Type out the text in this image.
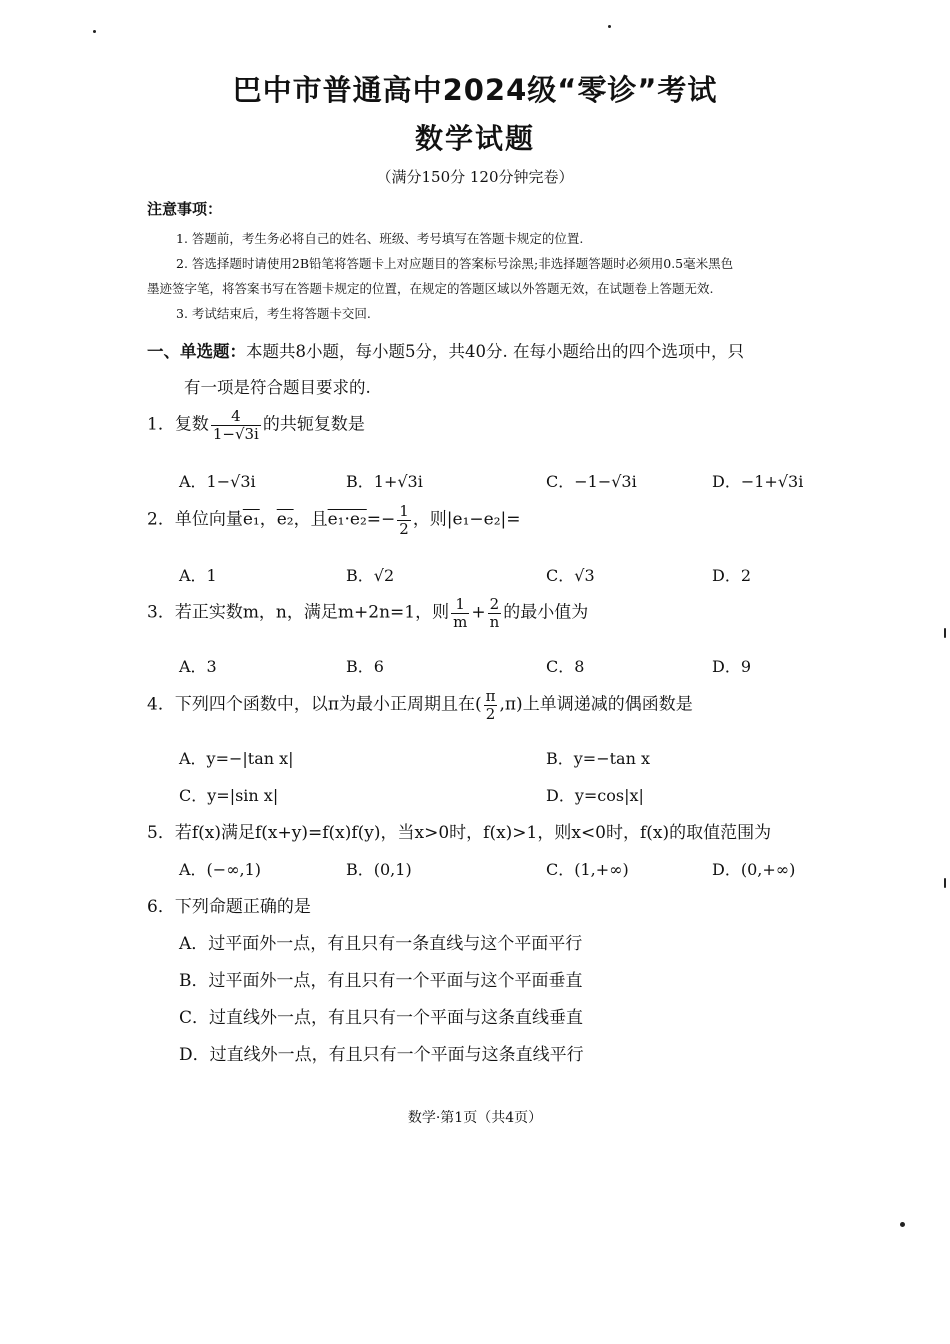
巴中市普通高中2024级“零诊”考试
数学试题
（满分150分 120分钟完卷）
注意事项：
1. 答题前，考生务必将自己的姓名、班级、考号填写在答题卡规定的位置.
2. 答选择题时请使用2B铅笔将答题卡上对应题目的答案标号涂黑;非选择题答题时必须用0.5毫米黑色
墨迹签字笔，将答案书写在答题卡规定的位置，在规定的答题区域以外答题无效，在试题卷上答题无效.
3. 考试结束后，考生将答题卡交回.
一、单选题：本题共8小题，每小题5分，共40分. 在每小题给出的四个选项中，只
有一项是符合题目要求的.
1．复数 $\frac{4}{1-√3i}$ 的共轭复数是
A．1−√3i	B．1+√3i	C．−1−√3i	D．−1+√3i
2．单位向量e₁，e₂，且$e_1\cdot e_2=- \frac{1}{2}$ ，则|e₁−e₂|=
A．1	B．√2	C．√3	D．2
3．若正实数m，n，满足m+2n=1，则 $\frac{1}{m} + \frac{2}{n}$ 的最小值为
A．3	B．6	C．8	D．9
4．下列四个函数中，以π为最小正周期且在( $\frac{\pi}{2} ,\pi$)上单调递减的偶函数是
A．y=−|tan x|	B．y=−tan x
C．y=|sin x|	D．y=cos|x|
5．若f(x)满足f(x+y)=f(x)f(y)，当x>0时，f(x)>1，则x<0时，f(x)的取值范围为
A．(−∞,1)	B．(0,1)	C．(1,+∞)	D．(0,+∞)
6．下列命题正确的是
A．过平面外一点，有且只有一条直线与这个平面平行
B．过平面外一点，有且只有一个平面与这个平面垂直
C．过直线外一点，有且只有一个平面与这条直线垂直
D．过直线外一点，有且只有一个平面与这条直线平行
数学·第1页（共4页）
